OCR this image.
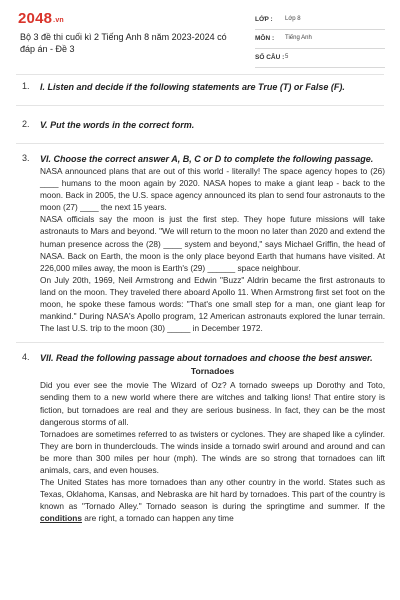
2048.vn
Bộ 3 đề thi cuối kì 2 Tiếng Anh 8 năm 2023-2024 có đáp án - Đề 3
LỚP : Lớp 8
MÔN : Tiếng Anh
SỐ CÂU : 5
1. I. Listen and decide if the following statements are True (T) or False (F).
2. V. Put the words in the correct form.
3. VI. Choose the correct answer A, B, C or D to complete the following passage.

NASA announced plans that are out of this world - literally! The space agency hopes to (26) ____ humans to the moon again by 2020. NASA hopes to make a giant leap - back to the moon. Back in 2005, the U.S. space agency announced its plan to send four astronauts to the moon (27) ____ the next 15 years.

NASA officials say the moon is just the first step. They hope future missions will take astronauts to Mars and beyond. "We will return to the moon no later than 2020 and extend the human presence across the (28) ____ system and beyond," says Michael Griffin, the head of NASA. Back on Earth, the moon is the only place beyond Earth that humans have visited. At 226,000 miles away, the moon is Earth's (29) ______ space neighbour.

On July 20th, 1969, Neil Armstrong and Edwin "Buzz" Aldrin became the first astronauts to land on the moon. They traveled there aboard Apollo 11. When Armstrong first set foot on the moon, he spoke these famous words: "That's one small step for a man, one giant leap for mankind." During NASA's Apollo program, 12 American astronauts explored the lunar terrain. The last U.S. trip to the moon (30) _____ in December 1972.

4. VII. Read the following passage about tornadoes and choose the best answer.
Tornadoes

Did you ever see the movie The Wizard of Oz? A tornado sweeps up Dorothy and Toto, sending them to a new world where there are witches and talking lions! That entire story is fiction, but tornadoes are real and they are serious business. In fact, they can be the most dangerous storms of all.

Tornadoes are sometimes referred to as twisters or cyclones. They are shaped like a cylinder. They are born in thunderclouds. The winds inside a tornado swirl around and around and can be more than 300 miles per hour (mph). The winds are so strong that tornadoes can lift animals, cars, and even houses.

The United States has more tornadoes than any other country in the world. States such as Texas, Oklahoma, Kansas, and Nebraska are hit hard by tornadoes. This part of the country is known as "Tornado Alley." Tornado season is during the springtime and summer. If the conditions are right, a tornado can happen any time
